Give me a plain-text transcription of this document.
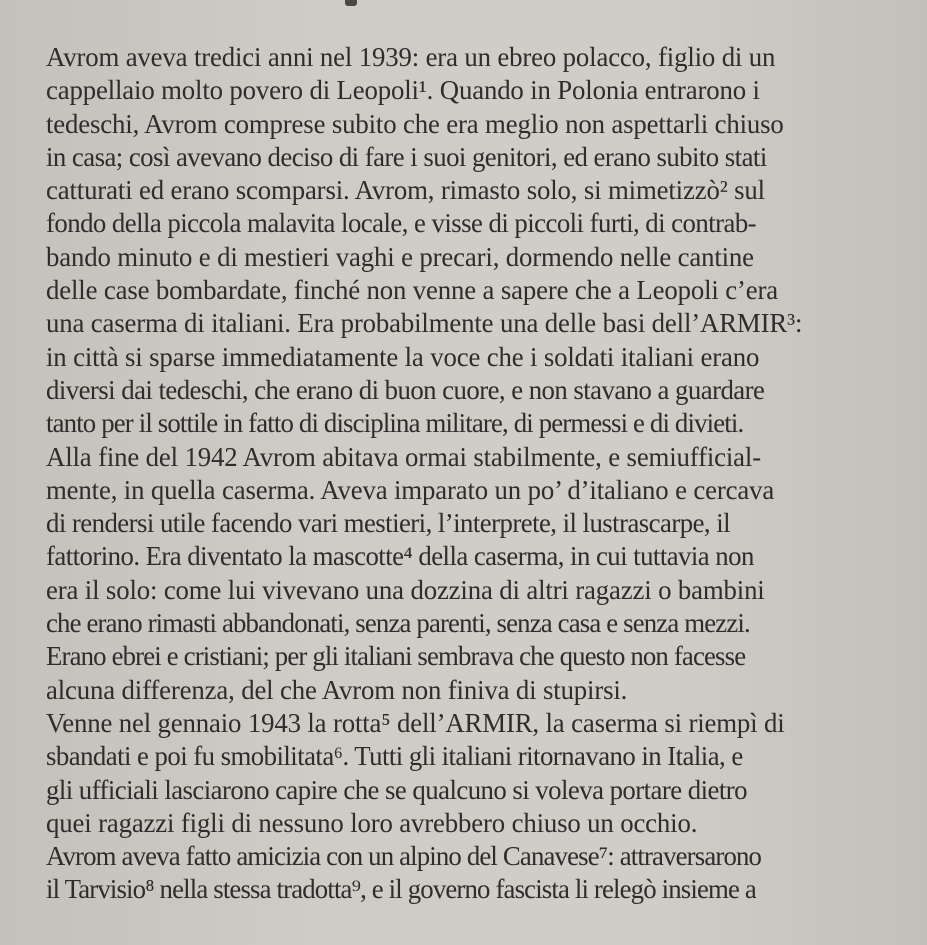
Avrom aveva tredici anni nel 1939: era un ebreo polacco, figlio di un
cappellaio molto povero di Leopoli¹. Quando in Polonia entrarono i
tedeschi, Avrom comprese subito che era meglio non aspettarli chiuso
in casa; così avevano deciso di fare i suoi genitori, ed erano subito stati
catturati ed erano scomparsi. Avrom, rimasto solo, si mimetizzò² sul
fondo della piccola malavita locale, e visse di piccoli furti, di contrab-
bando minuto e di mestieri vaghi e precari, dormendo nelle cantine
delle case bombardate, finché non venne a sapere che a Leopoli c’era
una caserma di italiani. Era probabilmente una delle basi dell’ARMIR³:
in città si sparse immediatamente la voce che i soldati italiani erano
diversi dai tedeschi, che erano di buon cuore, e non stavano a guardare
tanto per il sottile in fatto di disciplina militare, di permessi e di divieti.
Alla fine del 1942 Avrom abitava ormai stabilmente, e semiufficial-
mente, in quella caserma. Aveva imparato un po’ d’italiano e cercava
di rendersi utile facendo vari mestieri, l’interprete, il lustrascarpe, il
fattorino. Era diventato la mascotte⁴ della caserma, in cui tuttavia non
era il solo: come lui vivevano una dozzina di altri ragazzi o bambini
che erano rimasti abbandonati, senza parenti, senza casa e senza mezzi.
Erano ebrei e cristiani; per gli italiani sembrava che questo non facesse
alcuna differenza, del che Avrom non finiva di stupirsi.
Venne nel gennaio 1943 la rotta⁵ dell’ARMIR, la caserma si riempì di
sbandati e poi fu smobilitata⁶. Tutti gli italiani ritornavano in Italia, e
gli ufficiali lasciarono capire che se qualcuno si voleva portare dietro
quei ragazzi figli di nessuno loro avrebbero chiuso un occhio.
Avrom aveva fatto amicizia con un alpino del Canavese⁷: attraversarono
il Tarvisio⁸ nella stessa tradotta⁹, e il governo fascista li relegò insieme a
